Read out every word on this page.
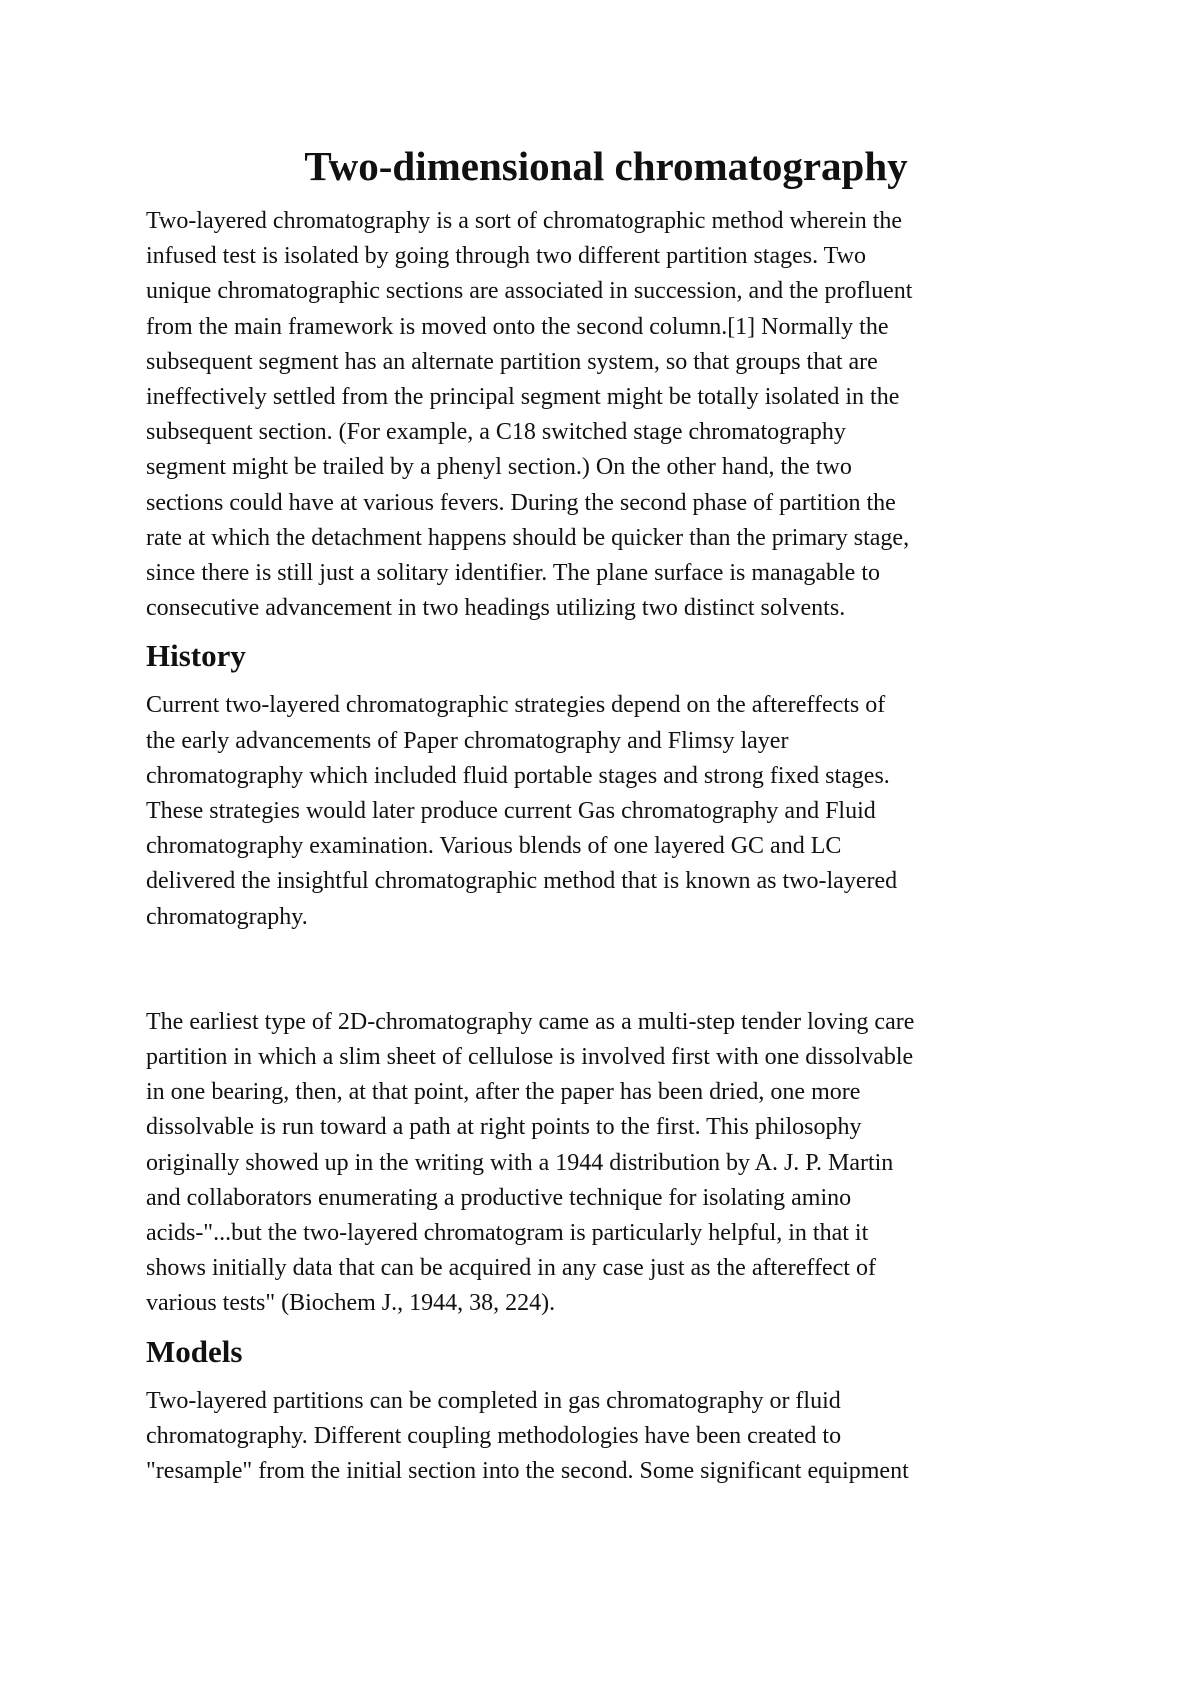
Two-dimensional chromatography

Two-layered chromatography is a sort of chromatographic method wherein the
infused test is isolated by going through two different partition stages. Two
unique chromatographic sections are associated in succession, and the profluent
from the main framework is moved onto the second column.[1] Normally the
subsequent segment has an alternate partition system, so that groups that are
ineffectively settled from the principal segment might be totally isolated in the
subsequent section. (For example, a C18 switched stage chromatography
segment might be trailed by a phenyl section.) On the other hand, the two
sections could have at various fevers. During the second phase of partition the
rate at which the detachment happens should be quicker than the primary stage,
since there is still just a solitary identifier. The plane surface is managable to
consecutive advancement in two headings utilizing two distinct solvents.

History

Current two-layered chromatographic strategies depend on the aftereffects of
the early advancements of Paper chromatography and Flimsy layer
chromatography which included fluid portable stages and strong fixed stages.
These strategies would later produce current Gas chromatography and Fluid
chromatography examination. Various blends of one layered GC and LC
delivered the insightful chromatographic method that is known as two-layered
chromatography.

The earliest type of 2D-chromatography came as a multi-step tender loving care
partition in which a slim sheet of cellulose is involved first with one dissolvable
in one bearing, then, at that point, after the paper has been dried, one more
dissolvable is run toward a path at right points to the first. This philosophy
originally showed up in the writing with a 1944 distribution by A. J. P. Martin
and collaborators enumerating a productive technique for isolating amino
acids-"...but the two-layered chromatogram is particularly helpful, in that it
shows initially data that can be acquired in any case just as the aftereffect of
various tests" (Biochem J., 1944, 38, 224).

Models

Two-layered partitions can be completed in gas chromatography or fluid
chromatography. Different coupling methodologies have been created to
"resample" from the initial section into the second. Some significant equipment
